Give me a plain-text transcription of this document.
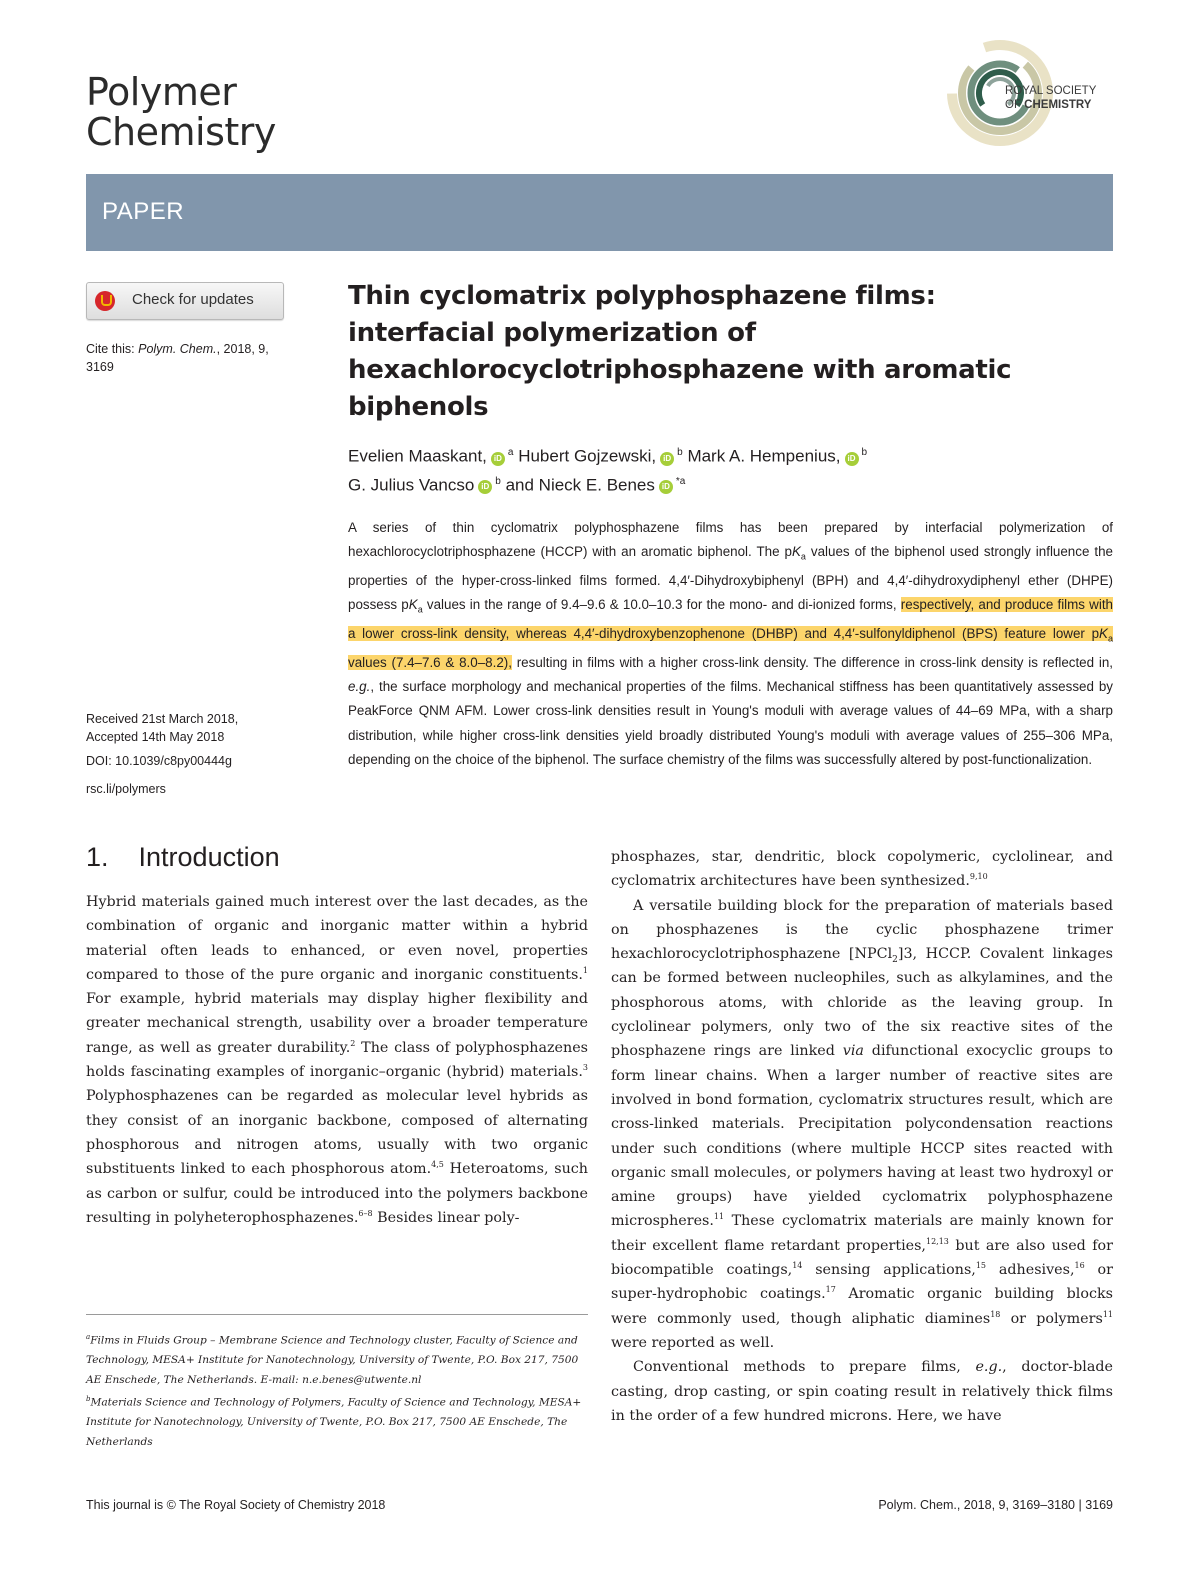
Polymer
Chemistry
ROYAL SOCIETY
OF CHEMISTRY
PAPER
Check for updates
Cite this: Polym. Chem., 2018, 9,
3169
Received 21st March 2018,
Accepted 14th May 2018
DOI: 10.1039/c8py00444g
rsc.li/polymers
Thin cyclomatrix polyphosphazene films:
interfacial polymerization of
hexachlorocyclotriphosphazene with aromatic
biphenols
Evelien Maaskant, $iD^a$ Hubert Gojzewski, $iD^b$ Mark A. Hempenius, $iD^b$
G. Julius Vancso $iD^b$ and Nieck E. Benes $iD^{*a}$
A series of thin cyclomatrix polyphosphazene films has been prepared by interfacial polymerization of hexachlorocyclotriphosphazene (HCCP) with an aromatic biphenol. The $pK_a$ values of the biphenol used strongly influence the properties of the hyper-cross-linked films formed. 4,4′-Dihydroxybiphenyl (BPH) and 4,4′-dihydroxydiphenyl ether (DHPE) possess $pK_a$ values in the range of 9.4–9.6 & 10.0–10.3 for the mono- and di-ionized forms, respectively, and produce films with a lower cross-link density, whereas 4,4′-dihydroxybenzophenone (DHBP) and 4,4′-sulfonyldiphenol (BPS) feature lower $pK_a$ values (7.4–7.6 & 8.0–8.2), resulting in films with a higher cross-link density. The difference in cross-link density is reflected in, e.g., the surface morphology and mechanical properties of the films. Mechanical stiffness has been quantitatively assessed by PeakForce QNM AFM. Lower cross-link densities result in Young's moduli with average values of 44–69 MPa, with a sharp distribution, while higher cross-link densities yield broadly distributed Young's moduli with average values of 255–306 MPa, depending on the choice of the biphenol. The surface chemistry of the films was successfully altered by post-functionalization.
1. Introduction

Hybrid materials gained much interest over the last decades, as the combination of organic and inorganic matter within a hybrid material often leads to enhanced, or even novel, properties compared to those of the pure organic and inorganic constituents.$^1$ For example, hybrid materials may display higher flexibility and greater mechanical strength, usability over a broader temperature range, as well as greater durability.$^2$ The class of polyphosphazenes holds fascinating examples of inorganic–organic (hybrid) materials.$^3$ Polyphosphazenes can be regarded as molecular level hybrids as they consist of an inorganic backbone, composed of alternating phosphorous and nitrogen atoms, usually with two organic substituents linked to each phosphorous atom.$^{4,5}$ Heteroatoms, such as carbon or sulfur, could be introduced into the polymers backbone resulting in polyheterophosphazenes.$^{6-8}$ Besides linear poly-

phosphazes, star, dendritic, block copolymeric, cyclolinear, and cyclomatrix architectures have been synthesized.$^{9,10}$

A versatile building block for the preparation of materials based on phosphazenes is the cyclic phosphazene trimer hexachlorocyclotriphosphazene [NPCl$_2$]3, HCCP. Covalent linkages can be formed between nucleophiles, such as alkylamines, and the phosphorous atoms, with chloride as the leaving group. In cyclolinear polymers, only two of the six reactive sites of the phosphazene rings are linked via difunctional exocyclic groups to form linear chains. When a larger number of reactive sites are involved in bond formation, cyclomatrix structures result, which are cross-linked materials. Precipitation polycondensation reactions under such conditions (where multiple HCCP sites reacted with organic small molecules, or polymers having at least two hydroxyl or amine groups) have yielded cyclomatrix polyphosphazene microspheres.$^{11}$ These cyclomatrix materials are mainly known for their excellent flame retardant properties,$^{12,13}$ but are also used for biocompatible coatings,$^{14}$ sensing applications,$^{15}$ adhesives,$^{16}$ or super-hydrophobic coatings.$^{17}$ Aromatic organic building blocks were commonly used, though aliphatic diamines$^{18}$ or polymers$^{11}$ were reported as well.

Conventional methods to prepare films, e.g., doctor-blade casting, drop casting, or spin coating result in relatively thick films in the order of a few hundred microns. Here, we have

$^a$Films in Fluids Group – Membrane Science and Technology cluster, Faculty of Science and Technology, MESA+ Institute for Nanotechnology, University of Twente, P.O. Box 217, 7500 AE Enschede, The Netherlands. E-mail: n.e.benes@utwente.nl
$^b$Materials Science and Technology of Polymers, Faculty of Science and Technology, MESA+ Institute for Nanotechnology, University of Twente, P.O. Box 217, 7500 AE Enschede, The Netherlands
This journal is © The Royal Society of Chemistry 2018	Polym. Chem., 2018, 9, 3169–3180 | 3169
